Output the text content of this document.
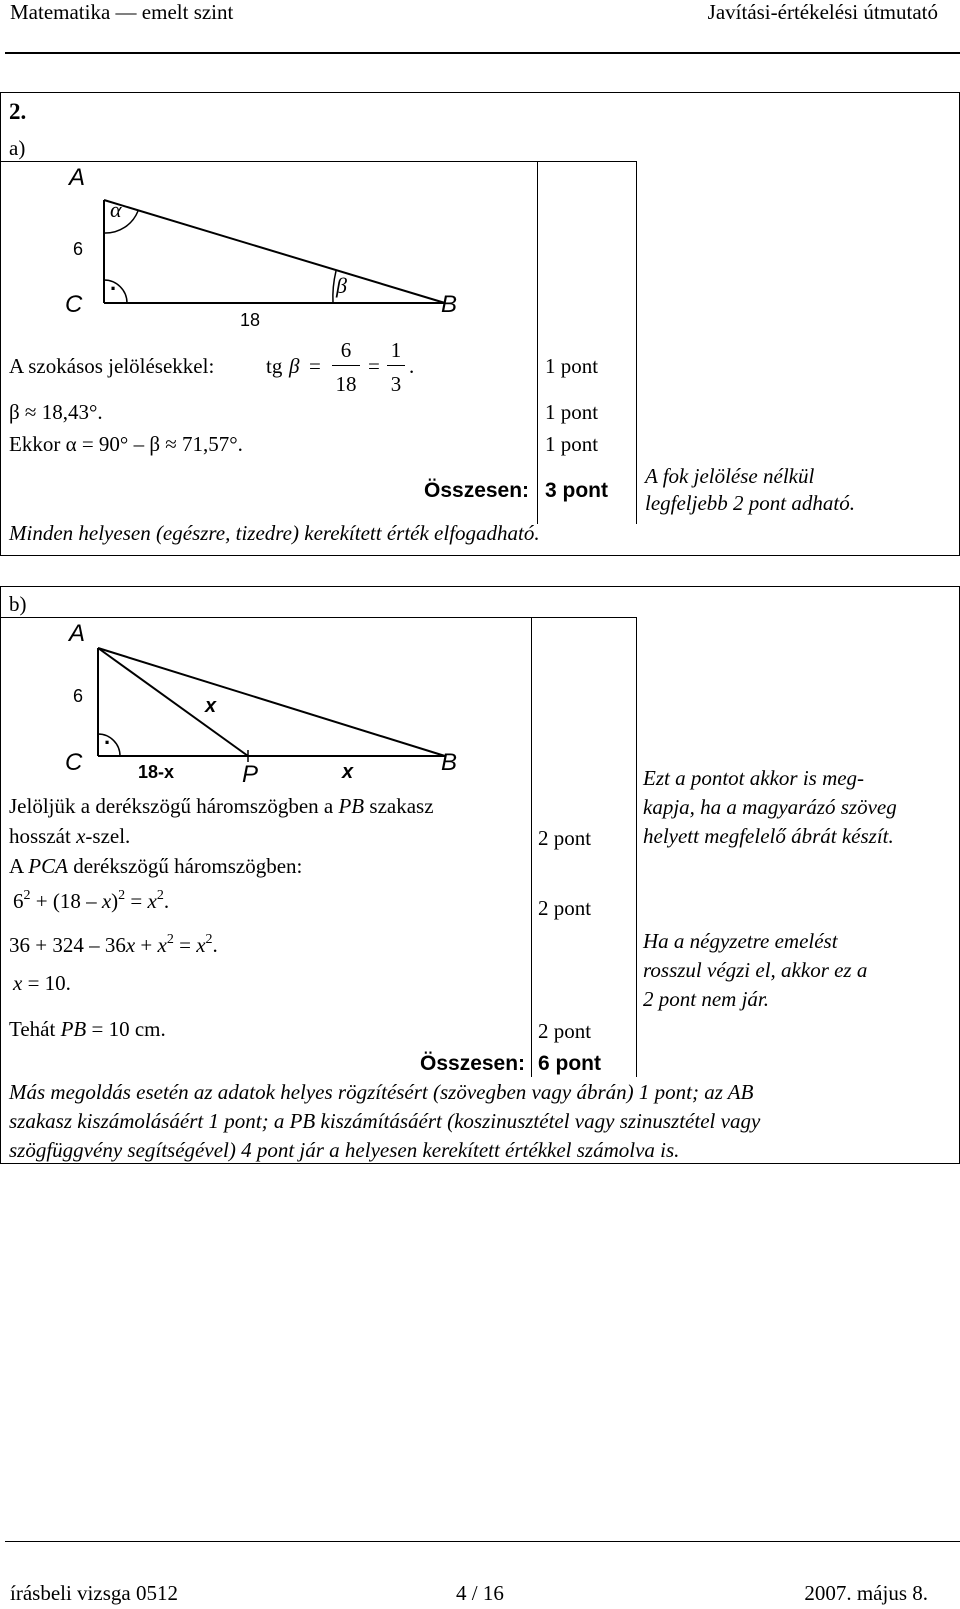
Matematika — emelt szint	Javítási-értékelési útmutató
2.
a)
A
C	B
α
β
6
18
.
A szokásos jelölésekkel: tg β =
6
18
=
1
3
.	1 pont
β ≈ 18,43°.	1 pont
Ekkor α = 90° – β ≈ 71,57°.	1 pont
Összesen: 3 pont
A fok jelölése nélkül
legfeljebb 2 pont adható.
Minden helyesen (egészre, tizedre) kerekített érték elfogadható.
b)
A
C	B
P
6	x
18-x	x
.
Jelöljük a derékszögű háromszögben a PB szakasz
hosszát x-szel.	2 pont
A PCA derékszögű háromszögben:
$6^2 + (18 - x)^2 = x^2$.	2 pont
$36 + 324 - 36x + x^2 = x^2$.
x = 10.
Tehát PB = 10 cm.	2 pont
Összesen: 6 pont
Ezt a pontot akkor is meg-
kapja, ha a magyarázó szöveg
helyett megfelelő ábrát készít.
Ha a négyzetre emelést
rosszul végzi el, akkor ez a
2 pont nem jár.
Más megoldás esetén az adatok helyes rögzítésért (szövegben vagy ábrán) 1 pont; az AB
szakasz kiszámolásáért 1 pont; a PB kiszámításáért (koszinusztétel vagy szinusztétel vagy
szögfüggvény segítségével) 4 pont jár a helyesen kerekített értékkel számolva is.
írásbeli vizsga 0512	4 / 16	2007. május 8.
